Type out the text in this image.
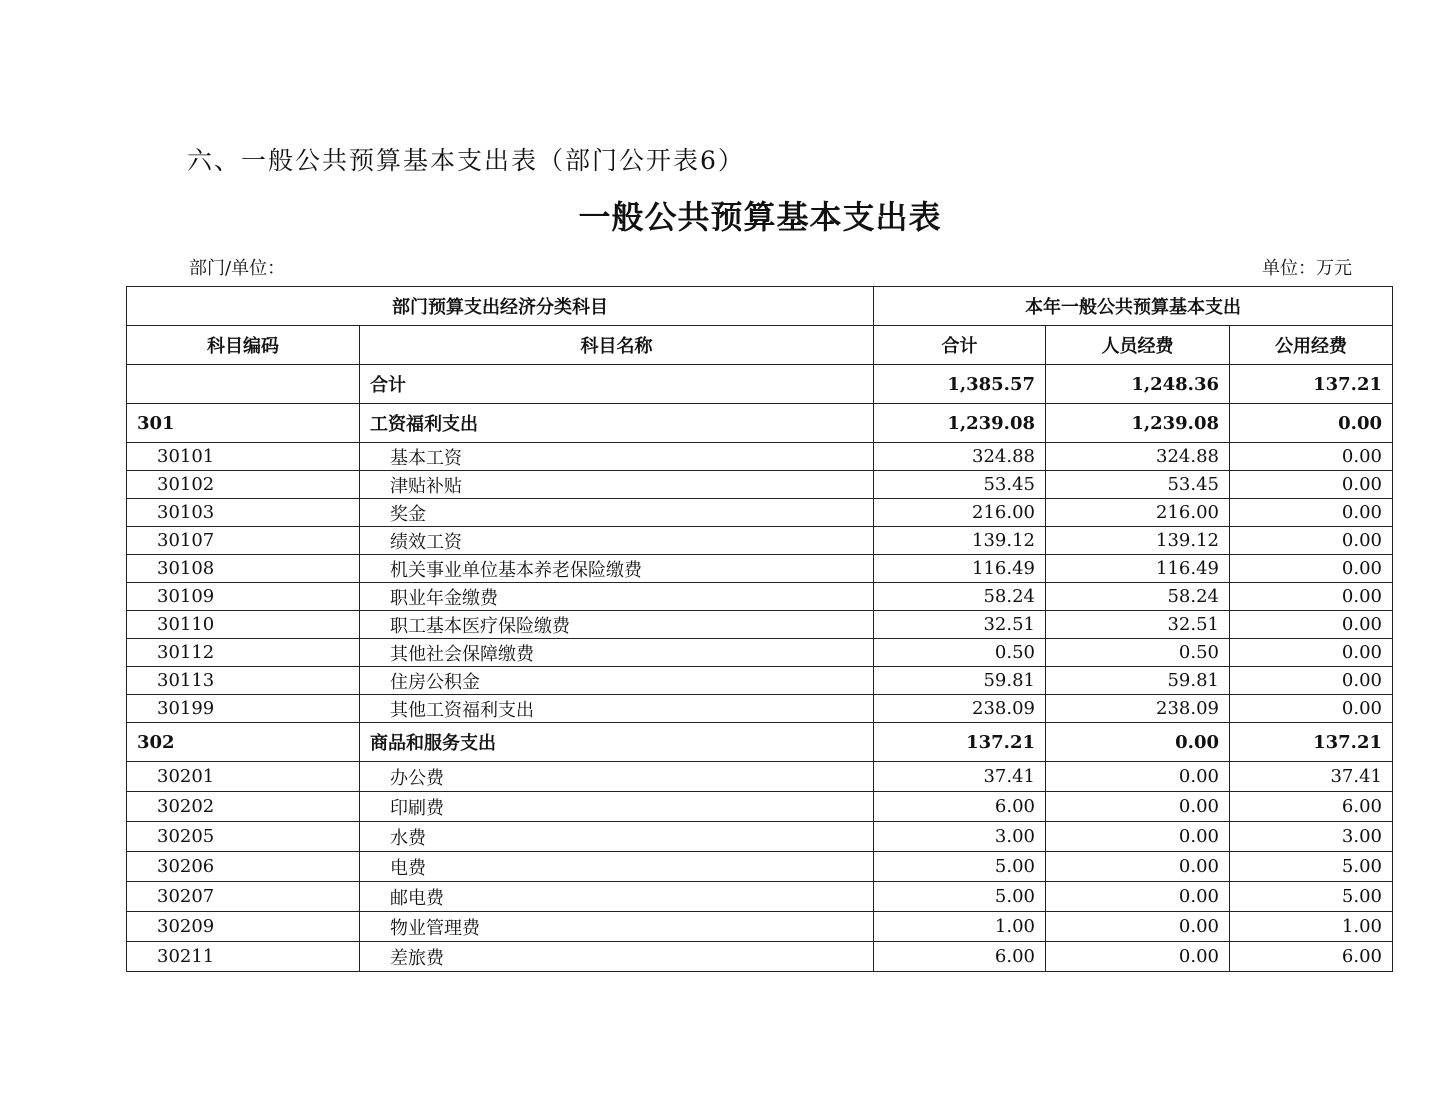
六、一般公共预算基本支出表（部门公开表6）
一般公共预算基本支出表
部门/单位：	单位：万元
部门预算支出经济分类科目		本年一般公共预算基本支出		
科目编码	科目名称	合计	人员经费	公用经费
	合计	1,385.57	1,248.36	137.21
301	工资福利支出	1,239.08	1,239.08	0.00
30101	基本工资	324.88	324.88	0.00
30102	津贴补贴	53.45	53.45	0.00
30103	奖金	216.00	216.00	0.00
30107	绩效工资	139.12	139.12	0.00
30108	机关事业单位基本养老保险缴费	116.49	116.49	0.00
30109	职业年金缴费	58.24	58.24	0.00
30110	职工基本医疗保险缴费	32.51	32.51	0.00
30112	其他社会保障缴费	0.50	0.50	0.00
30113	住房公积金	59.81	59.81	0.00
30199	其他工资福利支出	238.09	238.09	0.00
302	商品和服务支出	137.21	0.00	137.21
30201	办公费	37.41	0.00	37.41
30202	印刷费	6.00	0.00	6.00
30205	水费	3.00	0.00	3.00
30206	电费	5.00	0.00	5.00
30207	邮电费	5.00	0.00	5.00
30209	物业管理费	1.00	0.00	1.00
30211	差旅费	6.00	0.00	6.00
